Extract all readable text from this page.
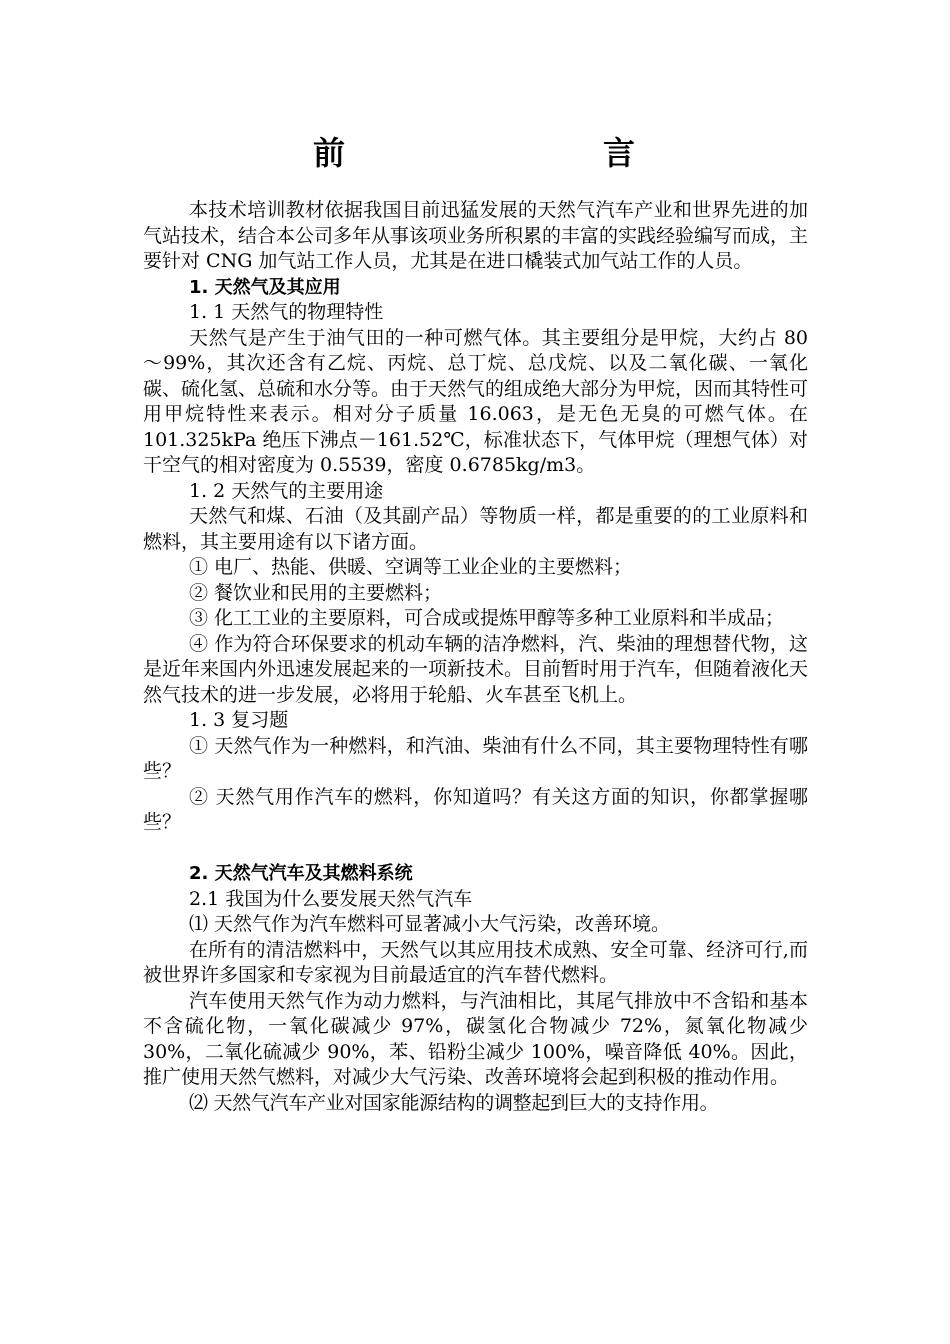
前	言

本技术培训教材依据我国目前迅猛发展的天然气汽车产业和世界先进的加气站技术，结合本公司多年从事该项业务所积累的丰富的实践经验编写而成，主要针对 CNG 加气站工作人员，尤其是在进口橇装式加气站工作的人员。

1. 天然气及其应用

1. 1 天然气的物理特性

天然气是产生于油气田的一种可燃气体。其主要组分是甲烷，大约占 80～99%，其次还含有乙烷、丙烷、总丁烷、总戊烷、以及二氧化碳、一氧化碳、硫化氢、总硫和水分等。由于天然气的组成绝大部分为甲烷，因而其特性可用甲烷特性来表示。相对分子质量 16.063，是无色无臭的可燃气体。在 101.325kPa 绝压下沸点－161.52℃，标准状态下，气体甲烷（理想气体）对干空气的相对密度为 0.5539，密度 0.6785kg/m3。

1. 2 天然气的主要用途

天然气和煤、石油（及其副产品）等物质一样，都是重要的的工业原料和燃料，其主要用途有以下诸方面。

① 电厂、热能、供暖、空调等工业企业的主要燃料；

② 餐饮业和民用的主要燃料；

③ 化工工业的主要原料，可合成或提炼甲醇等多种工业原料和半成品；

④ 作为符合环保要求的机动车辆的洁净燃料，汽、柴油的理想替代物，这是近年来国内外迅速发展起来的一项新技术。目前暂时用于汽车，但随着液化天然气技术的进一步发展，必将用于轮船、火车甚至飞机上。

1. 3 复习题

① 天然气作为一种燃料，和汽油、柴油有什么不同，其主要物理特性有哪些？

② 天然气用作汽车的燃料，你知道吗？有关这方面的知识，你都掌握哪些？

2. 天然气汽车及其燃料系统

2.1 我国为什么要发展天然气汽车

⑴ 天然气作为汽车燃料可显著减小大气污染，改善环境。

在所有的清洁燃料中，天然气以其应用技术成熟、安全可靠、经济可行,而被世界许多国家和专家视为目前最适宜的汽车替代燃料。

汽车使用天然气作为动力燃料，与汽油相比，其尾气排放中不含铅和基本不含硫化物，一氧化碳减少 97%，碳氢化合物减少 72%，氮氧化物减少 30%，二氧化硫减少 90%，苯、铅粉尘减少 100%，噪音降低 40%。因此，推广使用天然气燃料，对减少大气污染、改善环境将会起到积极的推动作用。

⑵ 天然气汽车产业对国家能源结构的调整起到巨大的支持作用。
